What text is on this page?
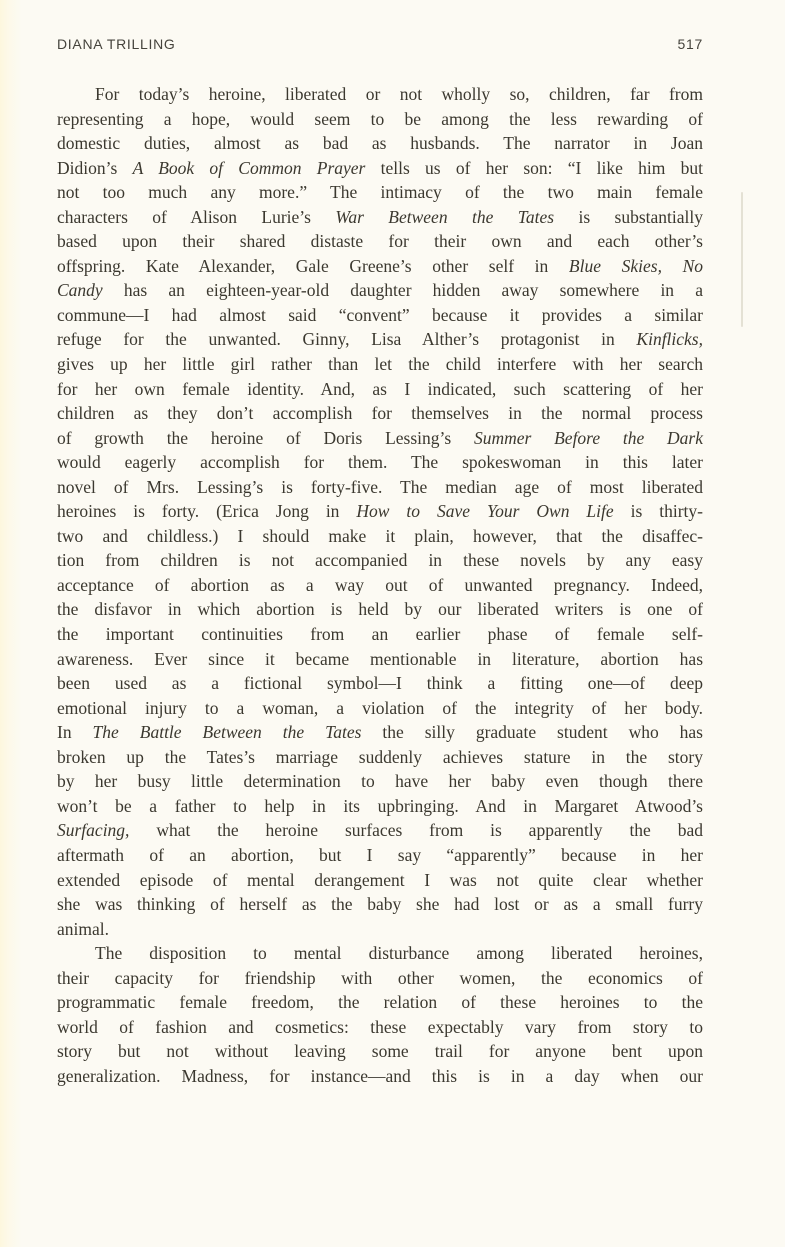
DIANA TRILLING	517
For today’s heroine, liberated or not wholly so, children, far from
representing a hope, would seem to be among the less rewarding of
domestic duties, almost as bad as husbands. The narrator in Joan
Didion’s A Book of Common Prayer tells us of her son: “I like him but
not too much any more.” The intimacy of the two main female
characters of Alison Lurie’s War Between the Tates is substantially
based upon their shared distaste for their own and each other’s
offspring. Kate Alexander, Gale Greene’s other self in Blue Skies, No
Candy has an eighteen-year-old daughter hidden away somewhere in a
commune—I had almost said “convent” because it provides a similar
refuge for the unwanted. Ginny, Lisa Alther’s protagonist in Kinflicks,
gives up her little girl rather than let the child interfere with her search
for her own female identity. And, as I indicated, such scattering of her
children as they don’t accomplish for themselves in the normal process
of growth the heroine of Doris Lessing’s Summer Before the Dark
would eagerly accomplish for them. The spokeswoman in this later
novel of Mrs. Lessing’s is forty-five. The median age of most liberated
heroines is forty. (Erica Jong in How to Save Your Own Life is thirty-
two and childless.) I should make it plain, however, that the disaffec-
tion from children is not accompanied in these novels by any easy
acceptance of abortion as a way out of unwanted pregnancy. Indeed,
the disfavor in which abortion is held by our liberated writers is one of
the important continuities from an earlier phase of female self-
awareness. Ever since it became mentionable in literature, abortion has
been used as a fictional symbol—I think a fitting one—of deep
emotional injury to a woman, a violation of the integrity of her body.
In The Battle Between the Tates the silly graduate student who has
broken up the Tates’s marriage suddenly achieves stature in the story
by her busy little determination to have her baby even though there
won’t be a father to help in its upbringing. And in Margaret Atwood’s
Surfacing, what the heroine surfaces from is apparently the bad
aftermath of an abortion, but I say “apparently” because in her
extended episode of mental derangement I was not quite clear whether
she was thinking of herself as the baby she had lost or as a small furry
animal.
The disposition to mental disturbance among liberated heroines,
their capacity for friendship with other women, the economics of
programmatic female freedom, the relation of these heroines to the
world of fashion and cosmetics: these expectably vary from story to
story but not without leaving some trail for anyone bent upon
generalization. Madness, for instance—and this is in a day when our
